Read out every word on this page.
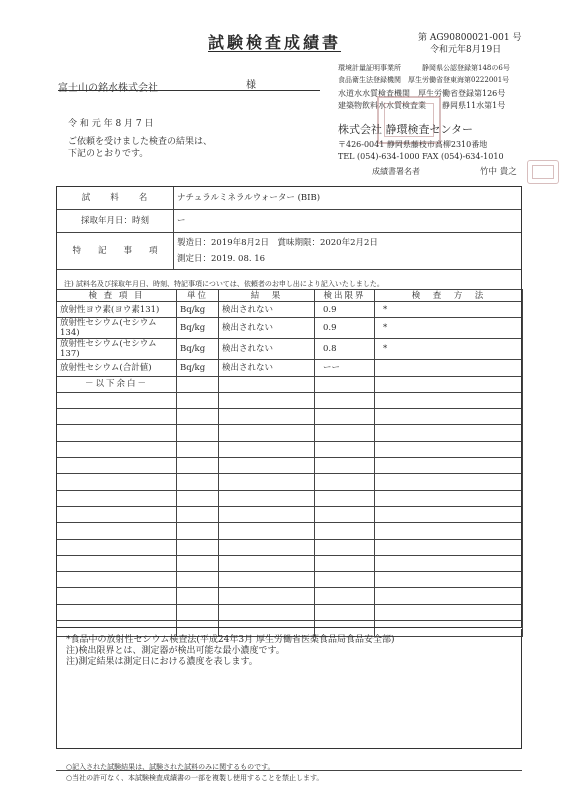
試験検査成績書	第 AG90800021-001 号
令和元年8月19日
富士山の銘水株式会社	様
令 和 元 年 8 月 7 日
ご依頼を受けました検査の結果は、
下記のとおりです。
環境計量証明事業所　　　静岡県公認登録第148の6号
食品衛生法登録機関　厚生労働省登東海第0222001号
水道水水質検査機関　厚生労働省登録第126号
建築物飲料水水質検査業　　静岡県11水第1号
株式会社 静環検査センター
〒426-0041 静岡県藤枝市高柳2310番地
TEL (054)-634-1000 FAX (054)-634-1010
成績書署名者	竹中 貴之
試　　料　　名	ナチュラルミネラルウォーター (BIB)
採取年月日：時刻	ー
特　　記　　事　　項	製造日：2019年8月2日　賞味期限：2020年2月2日
測定日：2019. 08. 16
注) 試料名及び採取年月日、時刻、特記事項については、依頼者のお申し出により記入いたしました。
検 査 項 目	単位	結　果	検出限界	検　査　方　法
放射性ヨウ素(ヨウ素131)	Bq/kg	検出されない	0.9	*
放射性セシウム(セシウム134)	Bq/kg	検出されない	0.9	*
放射性セシウム(セシウム137)	Bq/kg	検出されない	0.8	*
放射性セシウム(合計値)	Bq/kg	検出されない	ーー	
－以下余白－				

*食品中の放射性セシウム検査法(平成24年3月 厚生労働省医薬食品局食品安全部)
注)検出限界とは、測定器が検出可能な最小濃度です。
注)測定結果は測定日における濃度を表します。
○記入された試験結果は、試験された試料のみに関するものです。
○当社の許可なく、本試験検査成績書の一部を複製し使用することを禁止します。
